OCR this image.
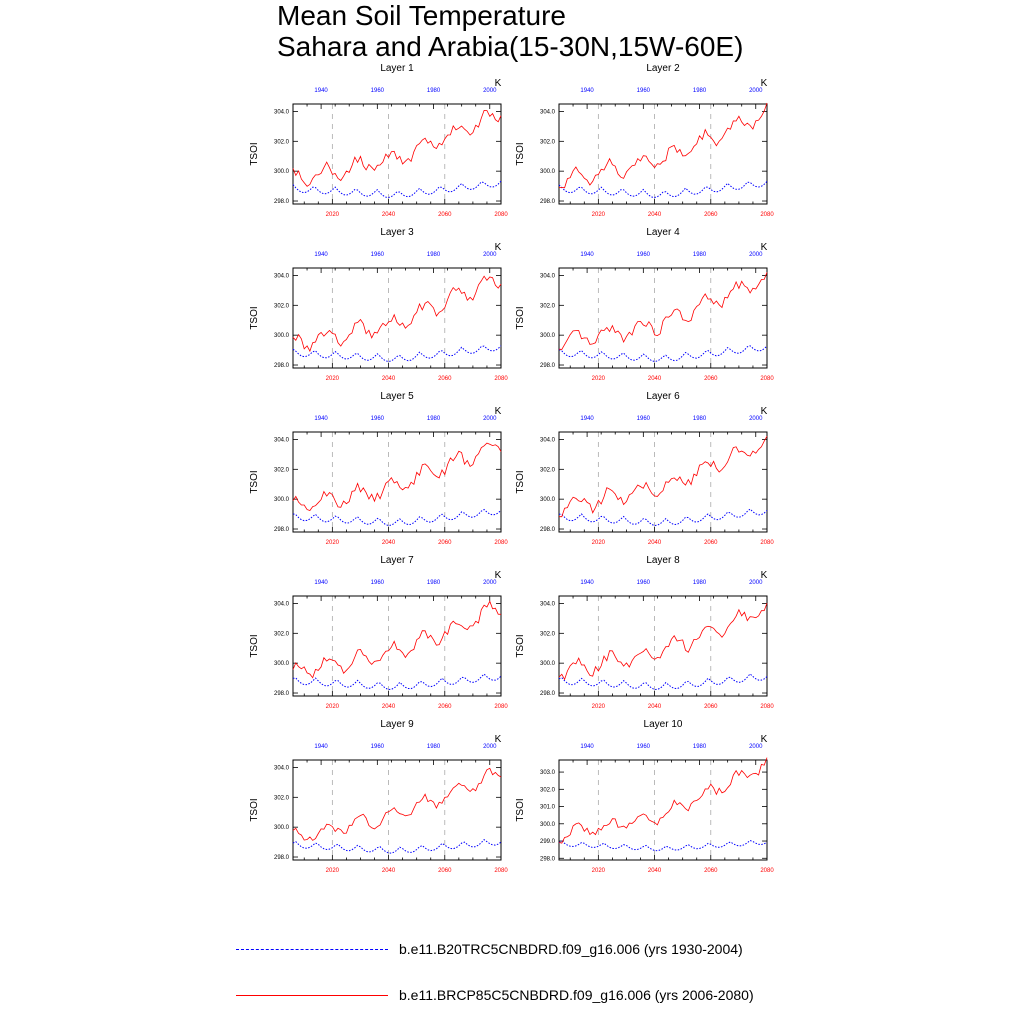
Mean Soil Temperature
Sahara and Arabia(15-30N,15W-60E)
Layer 1
K
TSOI
298.0
300.0
302.0
304.0
2020	2040	2060	2080
1940	1960	1980	2000
Layer 2
K
TSOI
298.0
300.0
302.0
304.0
2020	2040	2060	2080
1940	1960	1980	2000
Layer 3
K
TSOI
298.0
300.0
302.0
304.0
2020	2040	2060	2080
1940	1960	1980	2000
Layer 4
K
TSOI
298.0
300.0
302.0
304.0
2020	2040	2060	2080
1940	1960	1980	2000
Layer 5
K
TSOI
298.0
300.0
302.0
304.0
2020	2040	2060	2080
1940	1960	1980	2000
Layer 6
K
TSOI
298.0
300.0
302.0
304.0
2020	2040	2060	2080
1940	1960	1980	2000
Layer 7
K
TSOI
298.0
300.0
302.0
304.0
2020	2040	2060	2080
1940	1960	1980	2000
Layer 8
K
TSOI
298.0
300.0
302.0
304.0
2020	2040	2060	2080
1940	1960	1980	2000
Layer 9
K
TSOI
298.0
300.0
302.0
304.0
2020	2040	2060	2080
1940	1960	1980	2000
Layer 10
K
TSOI
298.0
299.0
300.0
301.0
302.0
303.0
2020	2040	2060	2080
1940	1960	1980	2000
b.e11.B20TRC5CNBDRD.f09_g16.006 (yrs 1930-2004)
b.e11.BRCP85C5CNBDRD.f09_g16.006 (yrs 2006-2080)
